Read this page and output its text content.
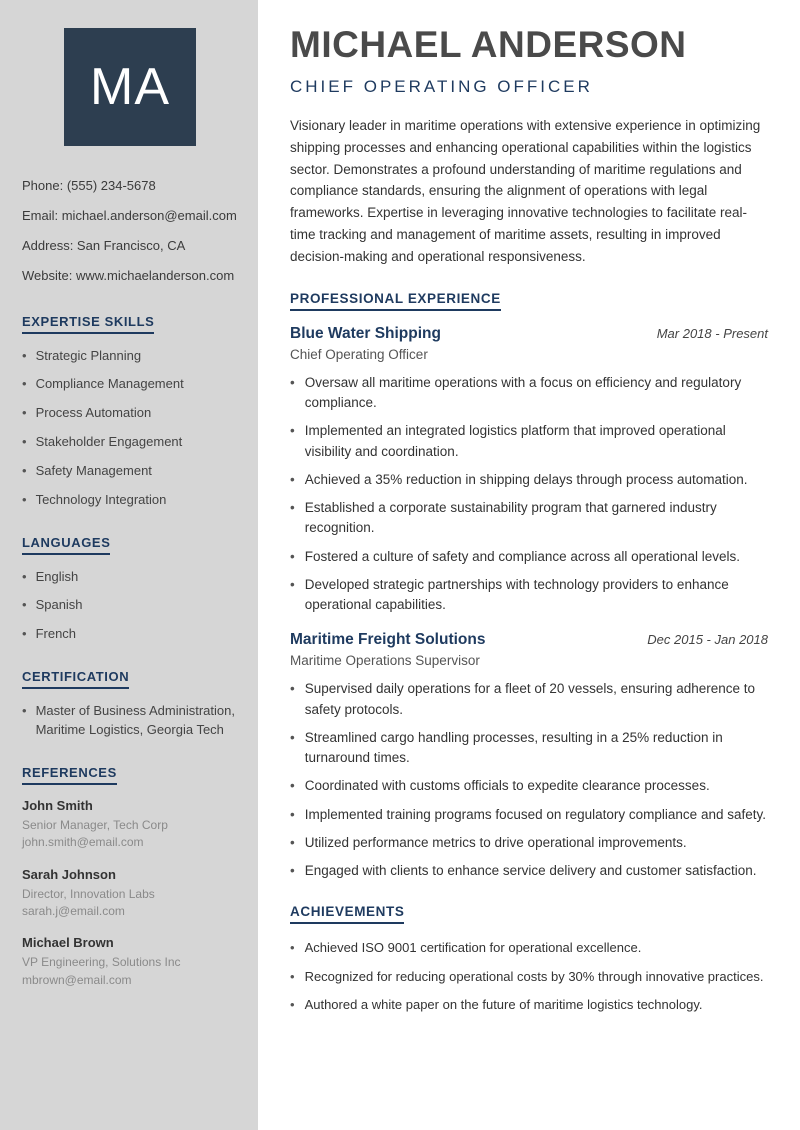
MA
Phone: (555) 234-5678
Email: michael.anderson@email.com
Address: San Francisco, CA
Website: www.michaelanderson.com
EXPERTISE SKILLS
•
Strategic Planning
•
Compliance Management
•
Process Automation
•
Stakeholder Engagement
•
Safety Management
•
Technology Integration
LANGUAGES
•
English
•
Spanish
•
French
CERTIFICATION
•
Master of Business Administration, Maritime Logistics, Georgia Tech
REFERENCES
John Smith
Senior Manager, Tech Corp
john.smith@email.com
Sarah Johnson
Director, Innovation Labs
sarah.j@email.com
Michael Brown
VP Engineering, Solutions Inc
mbrown@email.com
MICHAEL ANDERSON
CHIEF OPERATING OFFICER
Visionary leader in maritime operations with extensive experience in optimizing shipping processes and enhancing operational capabilities within the logistics sector. Demonstrates a profound understanding of maritime regulations and compliance standards, ensuring the alignment of operations with legal frameworks. Expertise in leveraging innovative technologies to facilitate real-time tracking and management of maritime assets, resulting in improved decision-making and operational responsiveness.
PROFESSIONAL EXPERIENCE
Blue Water Shipping	Mar 2018 - Present
Chief Operating Officer
•
Oversaw all maritime operations with a focus on efficiency and regulatory compliance.
•
Implemented an integrated logistics platform that improved operational visibility and coordination.
•
Achieved a 35% reduction in shipping delays through process automation.
•
Established a corporate sustainability program that garnered industry recognition.
•
Fostered a culture of safety and compliance across all operational levels.
•
Developed strategic partnerships with technology providers to enhance operational capabilities.
Maritime Freight Solutions	Dec 2015 - Jan 2018
Maritime Operations Supervisor
•
Supervised daily operations for a fleet of 20 vessels, ensuring adherence to safety protocols.
•
Streamlined cargo handling processes, resulting in a 25% reduction in turnaround times.
•
Coordinated with customs officials to expedite clearance processes.
•
Implemented training programs focused on regulatory compliance and safety.
•
Utilized performance metrics to drive operational improvements.
•
Engaged with clients to enhance service delivery and customer satisfaction.
ACHIEVEMENTS
•
Achieved ISO 9001 certification for operational excellence.
•
Recognized for reducing operational costs by 30% through innovative practices.
•
Authored a white paper on the future of maritime logistics technology.
